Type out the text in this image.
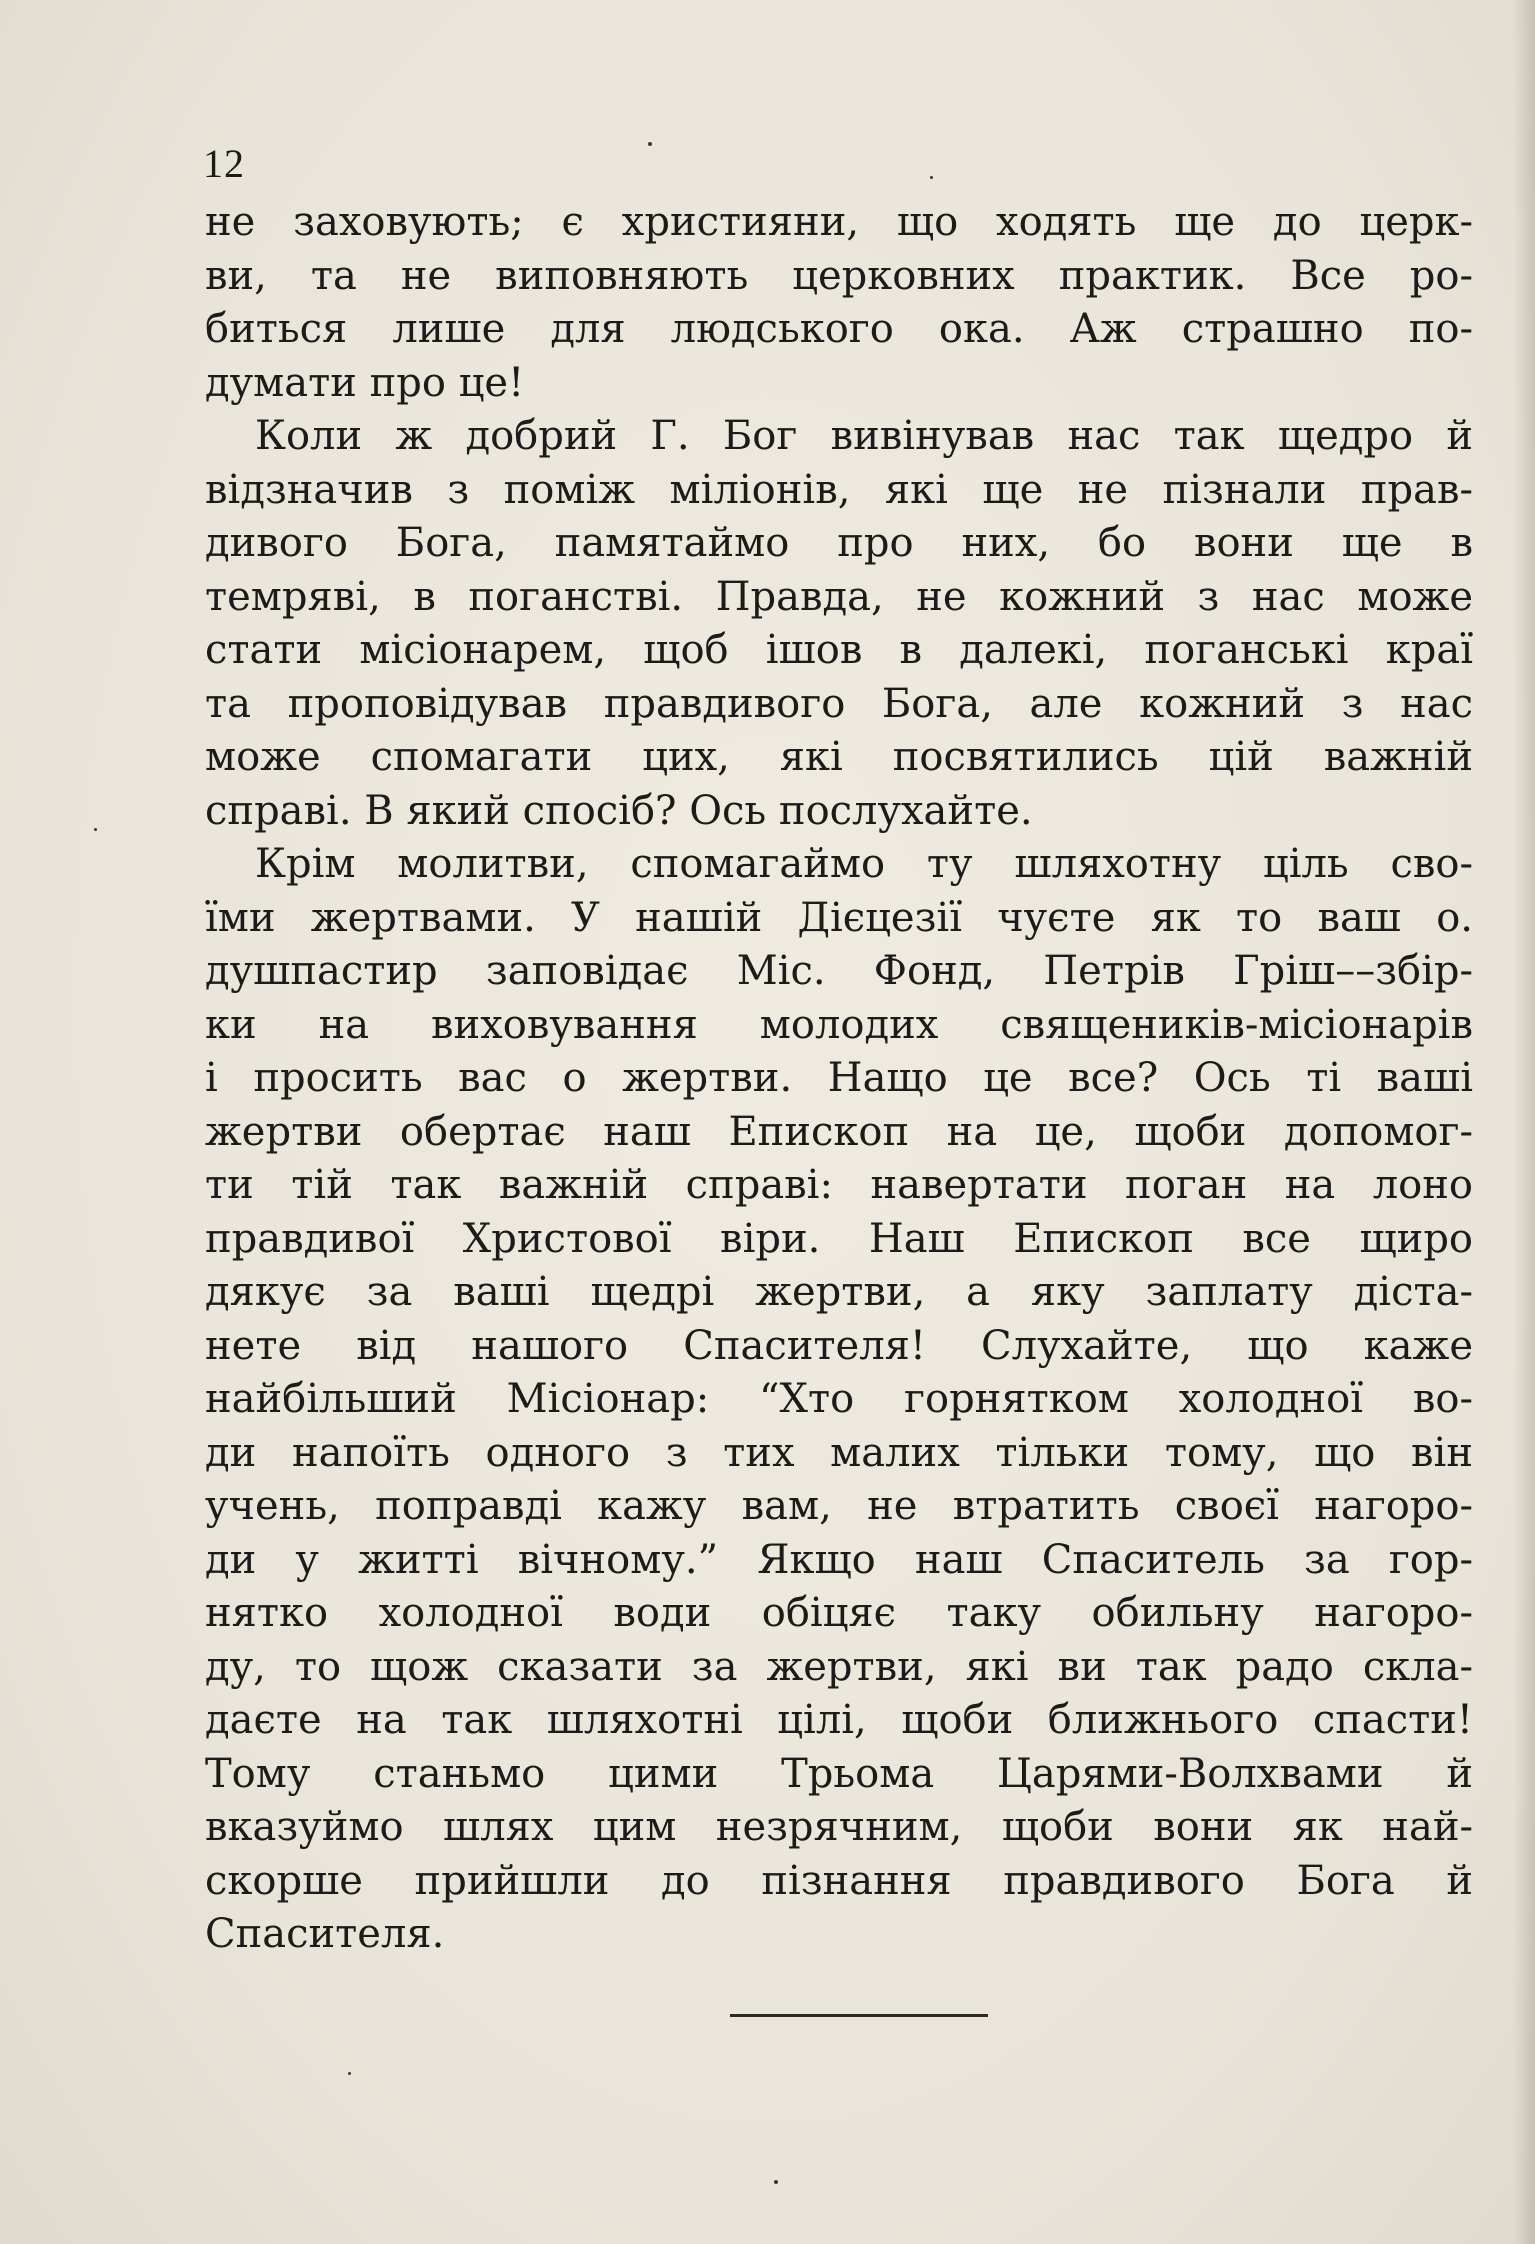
12
не заховують; є християни, що ходять ще до церк-
ви, та не виповняють церковних практик. Все ро-
биться лише для людського ока. Аж страшно по-
думати про це!
Коли ж добрий Г. Бог вивінував нас так щедро й
відзначив з поміж міліонів, які ще не пізнали прав-
дивого Бога, памятаймо про них, бо вони ще в
темряві, в поганстві. Правда, не кожний з нас може
стати місіонарем, щоб ішов в далекі, поганські краї
та проповідував правдивого Бога, але кожний з нас
може спомагати цих, які посвятились цій важній
справі. В який спосіб? Ось послухайте.
Крім молитви, спомагаймо ту шляхотну ціль сво-
їми жертвами. У нашій Дієцезії чуєте як то ваш о.
душпастир заповідає Міс. Фонд, Петрів Гріш––збір-
ки на виховування молодих священиків-місіонарів
і просить вас о жертви. Нащо це все? Ось ті ваші
жертви обертає наш Епископ на це, щоби допомог-
ти тій так важній справі: навертати поган на лоно
правдивої Христової віри. Наш Епископ все щиро
дякує за ваші щедрі жертви, а яку заплату діста-
нете від нашого Спасителя! Слухайте, що каже
найбільший Місіонар: “Хто горнятком холодної во-
ди напоїть одного з тих малих тільки тому, що він
учень, поправді кажу вам, не втратить своєї нагоро-
ди у житті вічному.” Якщо наш Спаситель за гор-
нятко холодної води обіцяє таку обильну нагоро-
ду, то щож сказати за жертви, які ви так радо скла-
даєте на так шляхотні цілі, щоби ближнього спасти!
Тому станьмо цими Трьома Царями-Волхвами й
вказуймо шлях цим незрячним, щоби вони як най-
скорше прийшли до пізнання правдивого Бога й
Спасителя.
